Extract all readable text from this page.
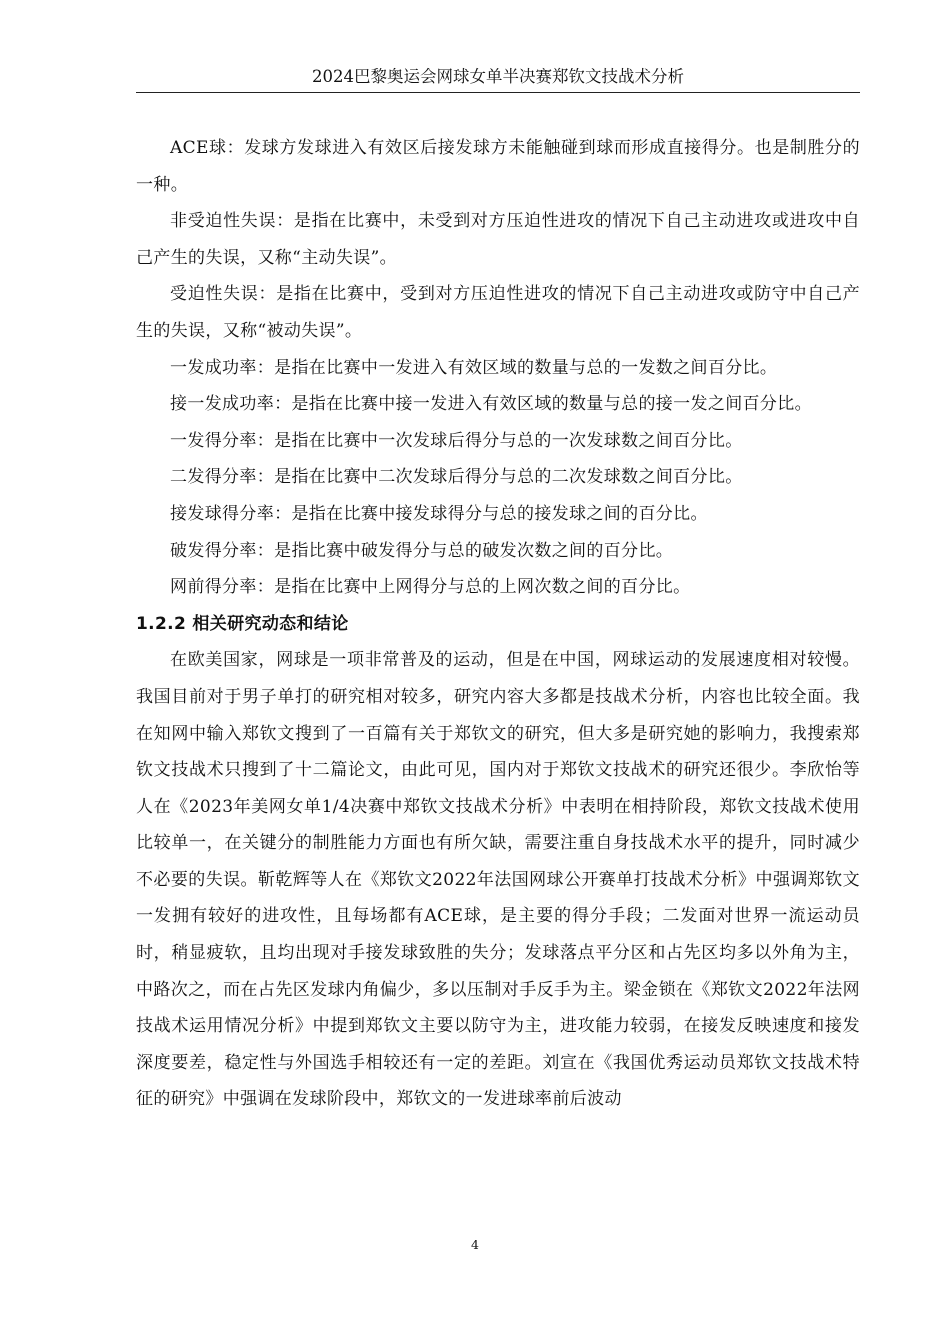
2024巴黎奥运会网球女单半决赛郑钦文技战术分析

ACE球：发球方发球进入有效区后接发球方未能触碰到球而形成直接得分。也是制胜分的一种。

非受迫性失误：是指在比赛中，未受到对方压迫性进攻的情况下自己主动进攻或进攻中自己产生的失误，又称“主动失误”。

受迫性失误：是指在比赛中，受到对方压迫性进攻的情况下自己主动进攻或防守中自己产生的失误，又称“被动失误”。

一发成功率：是指在比赛中一发进入有效区域的数量与总的一发数之间百分比。

接一发成功率：是指在比赛中接一发进入有效区域的数量与总的接一发之间百分比。

一发得分率：是指在比赛中一次发球后得分与总的一次发球数之间百分比。

二发得分率：是指在比赛中二次发球后得分与总的二次发球数之间百分比。

接发球得分率：是指在比赛中接发球得分与总的接发球之间的百分比。

破发得分率：是指比赛中破发得分与总的破发次数之间的百分比。

网前得分率：是指在比赛中上网得分与总的上网次数之间的百分比。

1.2.2 相关研究动态和结论

在欧美国家，网球是一项非常普及的运动，但是在中国，网球运动的发展速度相对较慢。我国目前对于男子单打的研究相对较多，研究内容大多都是技战术分析，内容也比较全面。我在知网中输入郑钦文搜到了一百篇有关于郑钦文的研究，但大多是研究她的影响力，我搜索郑钦文技战术只搜到了十二篇论文，由此可见，国内对于郑钦文技战术的研究还很少。李欣怡等人在《2023年美网女单1/4决赛中郑钦文技战术分析》中表明在相持阶段，郑钦文技战术使用比较单一，在关键分的制胜能力方面也有所欠缺，需要注重自身技战术水平的提升，同时减少不必要的失误。靳乾辉等人在《郑钦文2022年法国网球公开赛单打技战术分析》中强调郑钦文一发拥有较好的进攻性，且每场都有ACE球，是主要的得分手段；二发面对世界一流运动员时，稍显疲软，且均出现对手接发球致胜的失分；发球落点平分区和占先区均多以外角为主，中路次之，而在占先区发球内角偏少，多以压制对手反手为主。梁金锁在《郑钦文2022年法网技战术运用情况分析》中提到郑钦文主要以防守为主，进攻能力较弱，在接发反映速度和接发深度要差，稳定性与外国选手相较还有一定的差距。刘宣在《我国优秀运动员郑钦文技战术特征的研究》中强调在发球阶段中，郑钦文的一发进球率前后波动

4
